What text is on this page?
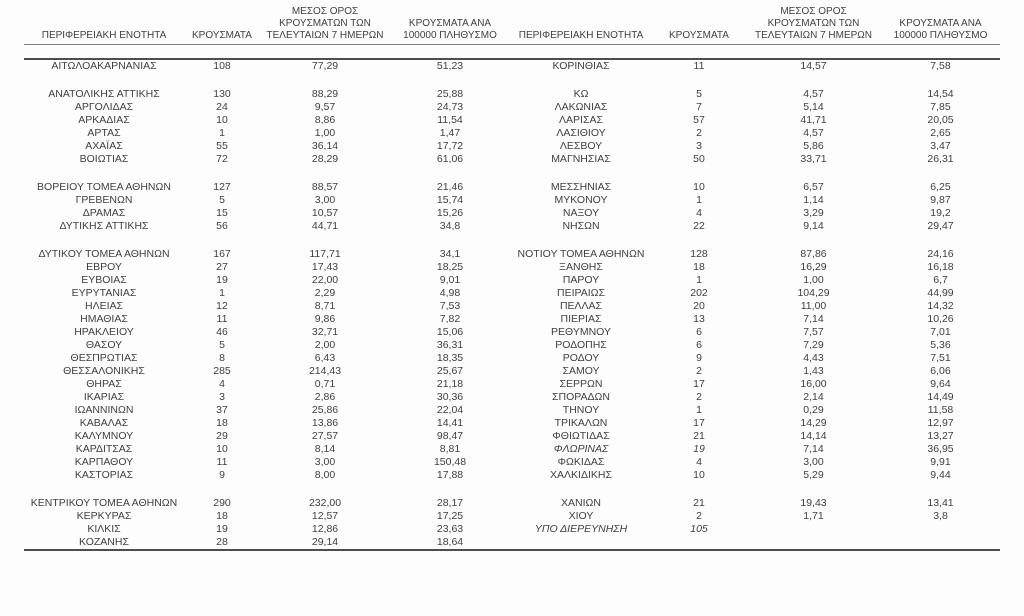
ΠΕΡΙΦΕΡΕΙΑΚΗ ΕΝΟΤΗΤΑ	ΚΡΟΥΣΜΑΤΑ	ΜΕΣΟΣ ΟΡΟΣ ΚΡΟΥΣΜΑΤΩΝ ΤΩΝ ΤΕΛΕΥΤΑΙΩΝ 7 ΗΜΕΡΩΝ	ΚΡΟΥΣΜΑΤΑ ΑΝΑ 100000 ΠΛΗΘΥΣΜΟ	ΠΕΡΙΦΕΡΕΙΑΚΗ ΕΝΟΤΗΤΑ	ΚΡΟΥΣΜΑΤΑ	ΜΕΣΟΣ ΟΡΟΣ ΚΡΟΥΣΜΑΤΩΝ ΤΩΝ ΤΕΛΕΥΤΑΙΩΝ 7 ΗΜΕΡΩΝ	ΚΡΟΥΣΜΑΤΑ ΑΝΑ 100000 ΠΛΗΘΥΣΜΟ

ΑΙΤΩΛΟΑΚΑΡΝΑΝΙΑΣ	108	77,29	51,23	ΚΟΡΙΝΘΙΑΣ	11	14,57	7,58

ΑΝΑΤΟΛΙΚΗΣ ΑΤΤΙΚΗΣ	130	88,29	25,88	ΚΩ	5	4,57	14,54
ΑΡΓΟΛΙΔΑΣ	24	9,57	24,73	ΛΑΚΩΝΙΑΣ	7	5,14	7,85
ΑΡΚΑΔΙΑΣ	10	8,86	11,54	ΛΑΡΙΣΑΣ	57	41,71	20,05
ΑΡΤΑΣ	1	1,00	1,47	ΛΑΣΙΘΙΟΥ	2	4,57	2,65
ΑΧΑΪΑΣ	55	36,14	17,72	ΛΕΣΒΟΥ	3	5,86	3,47
ΒΟΙΩΤΙΑΣ	72	28,29	61,06	ΜΑΓΝΗΣΙΑΣ	50	33,71	26,31

ΒΟΡΕΙΟΥ ΤΟΜΕΑ ΑΘΗΝΩΝ	127	88,57	21,46	ΜΕΣΣΗΝΙΑΣ	10	6,57	6,25
ΓΡΕΒΕΝΩΝ	5	3,00	15,74	ΜΥΚΟΝΟΥ	1	1,14	9,87
ΔΡΑΜΑΣ	15	10,57	15,26	ΝΑΞΟΥ	4	3,29	19,2
ΔΥΤΙΚΗΣ ΑΤΤΙΚΗΣ	56	44,71	34,8	ΝΗΣΩΝ	22	9,14	29,47

ΔΥΤΙΚΟΥ ΤΟΜΕΑ ΑΘΗΝΩΝ	167	117,71	34,1	ΝΟΤΙΟΥ ΤΟΜΕΑ ΑΘΗΝΩΝ	128	87,86	24,16
ΕΒΡΟΥ	27	17,43	18,25	ΞΑΝΘΗΣ	18	16,29	16,18
ΕΥΒΟΙΑΣ	19	22,00	9,01	ΠΑΡΟΥ	1	1,00	6,7
ΕΥΡΥΤΑΝΙΑΣ	1	2,29	4,98	ΠΕΙΡΑΙΩΣ	202	104,29	44,99
ΗΛΕΙΑΣ	12	8,71	7,53	ΠΕΛΛΑΣ	20	11,00	14,32
ΗΜΑΘΙΑΣ	11	9,86	7,82	ΠΙΕΡΙΑΣ	13	7,14	10,26
ΗΡΑΚΛΕΙΟΥ	46	32,71	15,06	ΡΕΘΥΜΝΟΥ	6	7,57	7,01
ΘΑΣΟΥ	5	2,00	36,31	ΡΟΔΟΠΗΣ	6	7,29	5,36
ΘΕΣΠΡΩΤΙΑΣ	8	6,43	18,35	ΡΟΔΟΥ	9	4,43	7,51
ΘΕΣΣΑΛΟΝΙΚΗΣ	285	214,43	25,67	ΣΑΜΟΥ	2	1,43	6,06
ΘΗΡΑΣ	4	0,71	21,18	ΣΕΡΡΩΝ	17	16,00	9,64
ΙΚΑΡΙΑΣ	3	2,86	30,36	ΣΠΟΡΑΔΩΝ	2	2,14	14,49
ΙΩΑΝΝΙΝΩΝ	37	25,86	22,04	ΤΗΝΟΥ	1	0,29	11,58
ΚΑΒΑΛΑΣ	18	13,86	14,41	ΤΡΙΚΑΛΩΝ	17	14,29	12,97
ΚΑΛΥΜΝΟΥ	29	27,57	98,47	ΦΘΙΩΤΙΔΑΣ	21	14,14	13,27
ΚΑΡΔΙΤΣΑΣ	10	8,14	8,81	ΦΛΩΡΙΝΑΣ	19	7,14	36,95
ΚΑΡΠΑΘΟΥ	11	3,00	150,48	ΦΩΚΙΔΑΣ	4	3,00	9,91
ΚΑΣΤΟΡΙΑΣ	9	8,00	17,88	ΧΑΛΚΙΔΙΚΗΣ	10	5,29	9,44

ΚΕΝΤΡΙΚΟΥ ΤΟΜΕΑ ΑΘΗΝΩΝ	290	232,00	28,17	ΧΑΝΙΩΝ	21	19,43	13,41
ΚΕΡΚΥΡΑΣ	18	12,57	17,25	ΧΙΟΥ	2	1,71	3,8
ΚΙΛΚΙΣ	19	12,86	23,63	ΥΠΟ ΔΙΕΡΕΥΝΗΣΗ	105		
ΚΟΖΑΝΗΣ	28	29,14	18,64				
